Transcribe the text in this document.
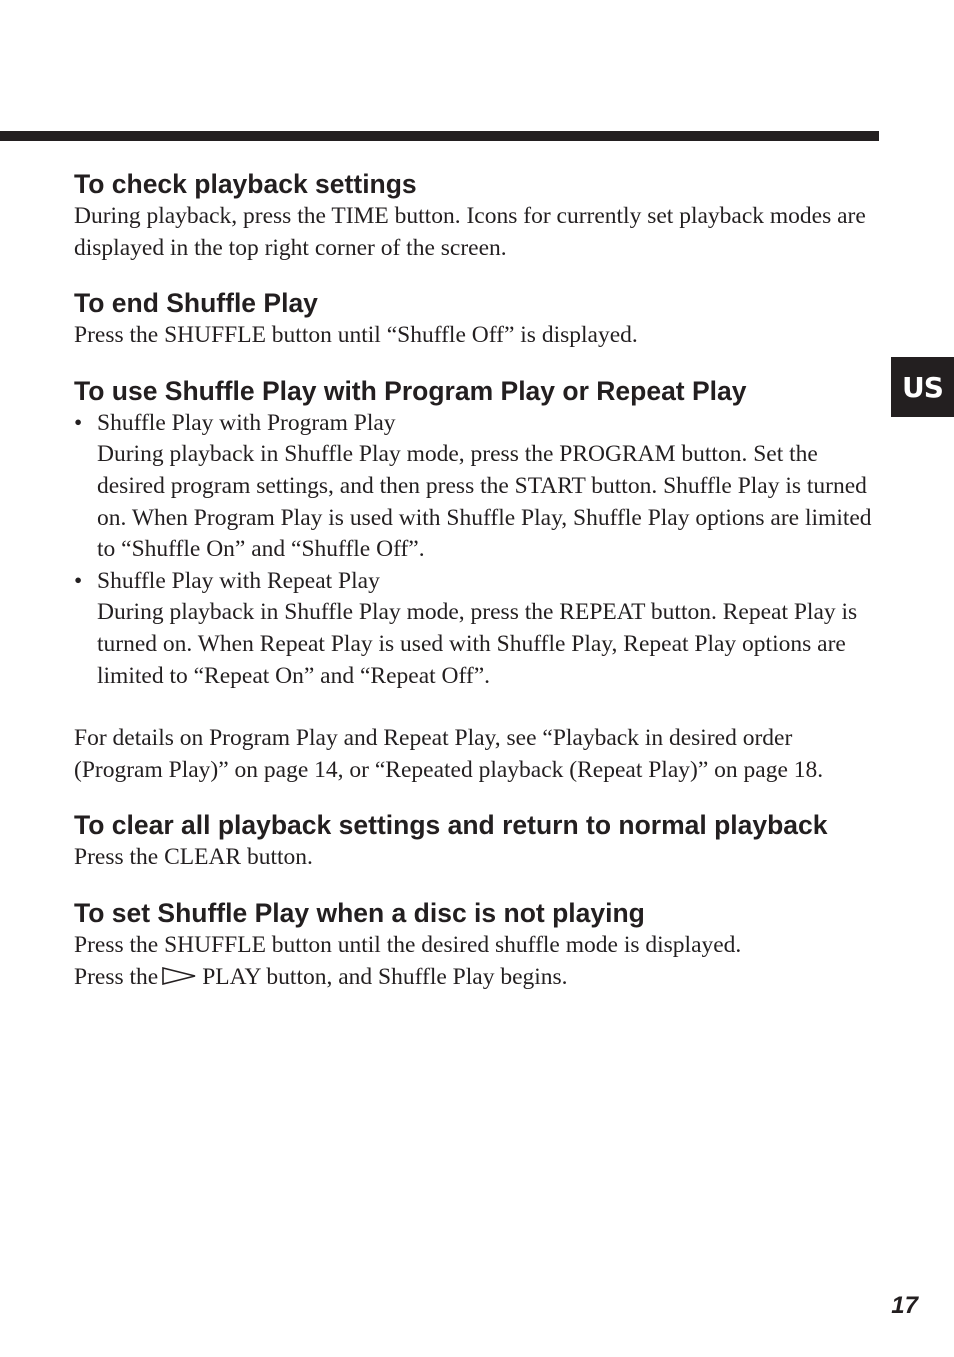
US
To check playback settings

During playback, press the TIME button. Icons for currently set playback modes are displayed in the top right corner of the screen.

To end Shuffle Play

Press the SHUFFLE button until “Shuffle Off” is displayed.

To use Shuffle Play with Program Play or Repeat Play
• Shuffle Play with Program Play
During playback in Shuffle Play mode, press the PROGRAM button. Set the desired program settings, and then press the START button. Shuffle Play is turned on. When Program Play is used with Shuffle Play, Shuffle Play options are limited to “Shuffle On” and “Shuffle Off”.
• Shuffle Play with Repeat Play
During playback in Shuffle Play mode, press the REPEAT button. Repeat Play is turned on. When Repeat Play is used with Shuffle Play, Repeat Play options are limited to “Repeat On” and “Repeat Off”.

For details on Program Play and Repeat Play, see “Playback in desired order (Program Play)” on page 14, or “Repeated playback (Repeat Play)” on page 18.

To clear all playback settings and return to normal playback

Press the CLEAR button.

To set Shuffle Play when a disc is not playing

Press the SHUFFLE button until the desired shuffle mode is displayed.

Press the PLAY button, and Shuffle Play begins.

17
